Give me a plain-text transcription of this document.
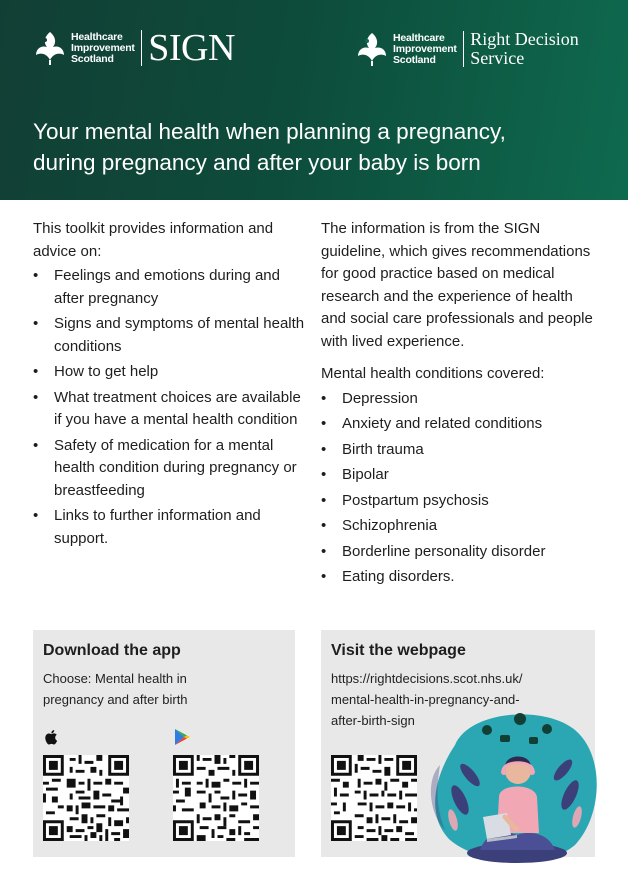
Healthcare
Improvement
Scotland SIGN	Healthcare
Improvement
Scotland
Right Decision
Service
Your mental health when planning a pregnancy,
during pregnancy and after your baby is born

This toolkit provides information and advice on:

• Feelings and emotions during and after pregnancy
• Signs and symptoms of mental health conditions
• How to get help
• What treatment choices are available if you have a mental health condition
• Safety of medication for a mental health condition during pregnancy or breastfeeding
• Links to further information and support.

The information is from the SIGN guideline, which gives recommendations for good practice based on medical research and the experience of health and social care professionals and people with lived experience.

Mental health conditions covered:

• Depression
• Anxiety and related conditions
• Birth trauma
• Bipolar
• Postpartum psychosis
• Schizophrenia
• Borderline personality disorder
• Eating disorders.
Download the app
Choose: Mental health in
pregnancy and after birth
Visit the webpage
https://rightdecisions.scot.nhs.uk/
mental-health-in-pregnancy-and-
after-birth-sign
